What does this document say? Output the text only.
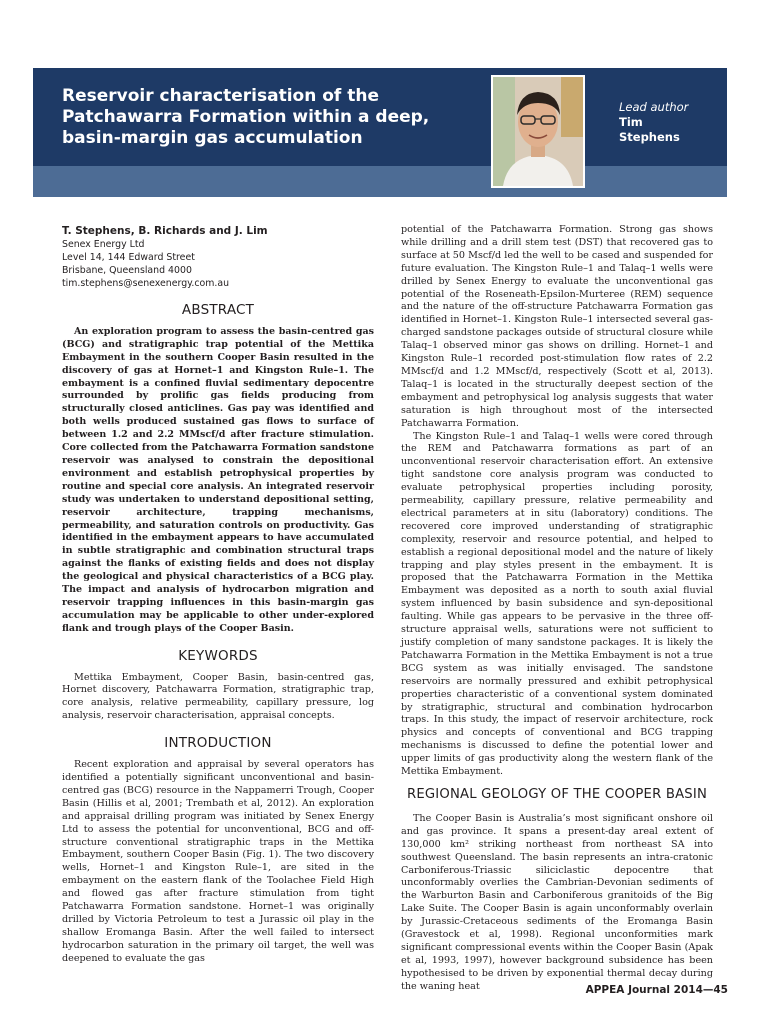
Reservoir characterisation of the Patchawarra Formation within a deep, basin-margin gas accumulation
Lead author
Tim
Stephens

T. Stephens, B. Richards and J. Lim

Senex Energy Ltd

Level 14, 144 Edward Street

Brisbane, Queensland 4000

tim.stephens@senexenergy.com.au

ABSTRACT

An exploration program to assess the basin-centred gas (BCG) and stratigraphic trap potential of the Mettika Embayment in the southern Cooper Basin resulted in the discovery of gas at Hornet–1 and Kingston Rule–1. The embayment is a confined fluvial sedimentary depocentre surrounded by prolific gas fields producing from structurally closed anticlines. Gas pay was identified and both wells produced sustained gas flows to surface of between 1.2 and 2.2 MMscf/d after fracture stimulation. Core collected from the Patchawarra Formation sandstone reservoir was analysed to constrain the depositional environment and establish petrophysical properties by routine and special core analysis. An integrated reservoir study was undertaken to understand depositional setting, reservoir architecture, trapping mechanisms, permeability, and saturation controls on productivity. Gas identified in the embayment appears to have accumulated in subtle stratigraphic and combination structural traps against the flanks of existing fields and does not display the geological and physical characteristics of a BCG play. The impact and analysis of hydrocarbon migration and reservoir trapping influences in this basin-margin gas accumulation may be applicable to other under-explored flank and trough plays of the Cooper Basin.

KEYWORDS

Mettika Embayment, Cooper Basin, basin-centred gas, Hornet discovery, Patchawarra Formation, stratigraphic trap, core analysis, relative permeability, capillary pressure, log analysis, reservoir characterisation, appraisal concepts.

INTRODUCTION

Recent exploration and appraisal by several operators has identified a potentially significant unconventional and basin-centred gas (BCG) resource in the Nappamerri Trough, Cooper Basin (Hillis et al, 2001; Trembath et al, 2012). An exploration and appraisal drilling program was initiated by Senex Energy Ltd to assess the potential for unconventional, BCG and off-structure conventional stratigraphic traps in the Mettika Embayment, southern Cooper Basin (Fig. 1). The two discovery wells, Hornet–1 and Kingston Rule–1, are sited in the embayment on the eastern flank of the Toolachee Field High and flowed gas after fracture stimulation from tight Patchawarra Formation sandstone. Hornet–1 was originally drilled by Victoria Petroleum to test a Jurassic oil play in the shallow Eromanga Basin. After the well failed to intersect hydrocarbon saturation in the primary oil target, the well was deepened to evaluate the gas

potential of the Patchawarra Formation. Strong gas shows while drilling and a drill stem test (DST) that recovered gas to surface at 50 Mscf/d led the well to be cased and suspended for future evaluation. The Kingston Rule–1 and Talaq–1 wells were drilled by Senex Energy to evaluate the unconventional gas potential of the Roseneath-Epsilon-Murteree (REM) sequence and the nature of the off-structure Patchawarra Formation gas identified in Hornet–1. Kingston Rule–1 intersected several gas-charged sandstone packages outside of structural closure while Talaq–1 observed minor gas shows on drilling. Hornet–1 and Kingston Rule–1 recorded post-stimulation flow rates of 2.2 MMscf/d and 1.2 MMscf/d, respectively (Scott et al, 2013). Talaq–1 is located in the structurally deepest section of the embayment and petrophysical log analysis suggests that water saturation is high throughout most of the intersected Patchawarra Formation.

The Kingston Rule–1 and Talaq–1 wells were cored through the REM and Patchawarra formations as part of an unconventional reservoir characterisation effort. An extensive tight sandstone core analysis program was conducted to evaluate petrophysical properties including porosity, permeability, capillary pressure, relative permeability and electrical parameters at in situ (laboratory) conditions. The recovered core improved understanding of stratigraphic complexity, reservoir and resource potential, and helped to establish a regional depositional model and the nature of likely trapping and play styles present in the embayment. It is proposed that the Patchawarra Formation in the Mettika Embayment was deposited as a north to south axial fluvial system influenced by basin subsidence and syn-depositional faulting. While gas appears to be pervasive in the three off-structure appraisal wells, saturations were not sufficient to justify completion of many sandstone packages. It is likely the Patchawarra Formation in the Mettika Embayment is not a true BCG system as was initially envisaged. The sandstone reservoirs are normally pressured and exhibit petrophysical properties characteristic of a conventional system dominated by stratigraphic, structural and combination hydrocarbon traps. In this study, the impact of reservoir architecture, rock physics and concepts of conventional and BCG trapping mechanisms is discussed to define the potential lower and upper limits of gas productivity along the western flank of the Mettika Embayment.

REGIONAL GEOLOGY OF THE COOPER BASIN

The Cooper Basin is Australia’s most significant onshore oil and gas province. It spans a present-day areal extent of 130,000 km² striking northeast from northeast SA into southwest Queensland. The basin represents an intra-cratonic Carboniferous-Triassic siliciclastic depocentre that unconformably overlies the Cambrian-Devonian sediments of the Warburton Basin and Carboniferous granitoids of the Big Lake Suite. The Cooper Basin is again unconformably overlain by Jurassic-Cretaceous sediments of the Eromanga Basin (Gravestock et al, 1998). Regional unconformities mark significant compressional events within the Cooper Basin (Apak et al, 1993, 1997), however background subsidence has been hypothesised to be driven by exponential thermal decay during the waning heat	APPEA Journal 2014—45
